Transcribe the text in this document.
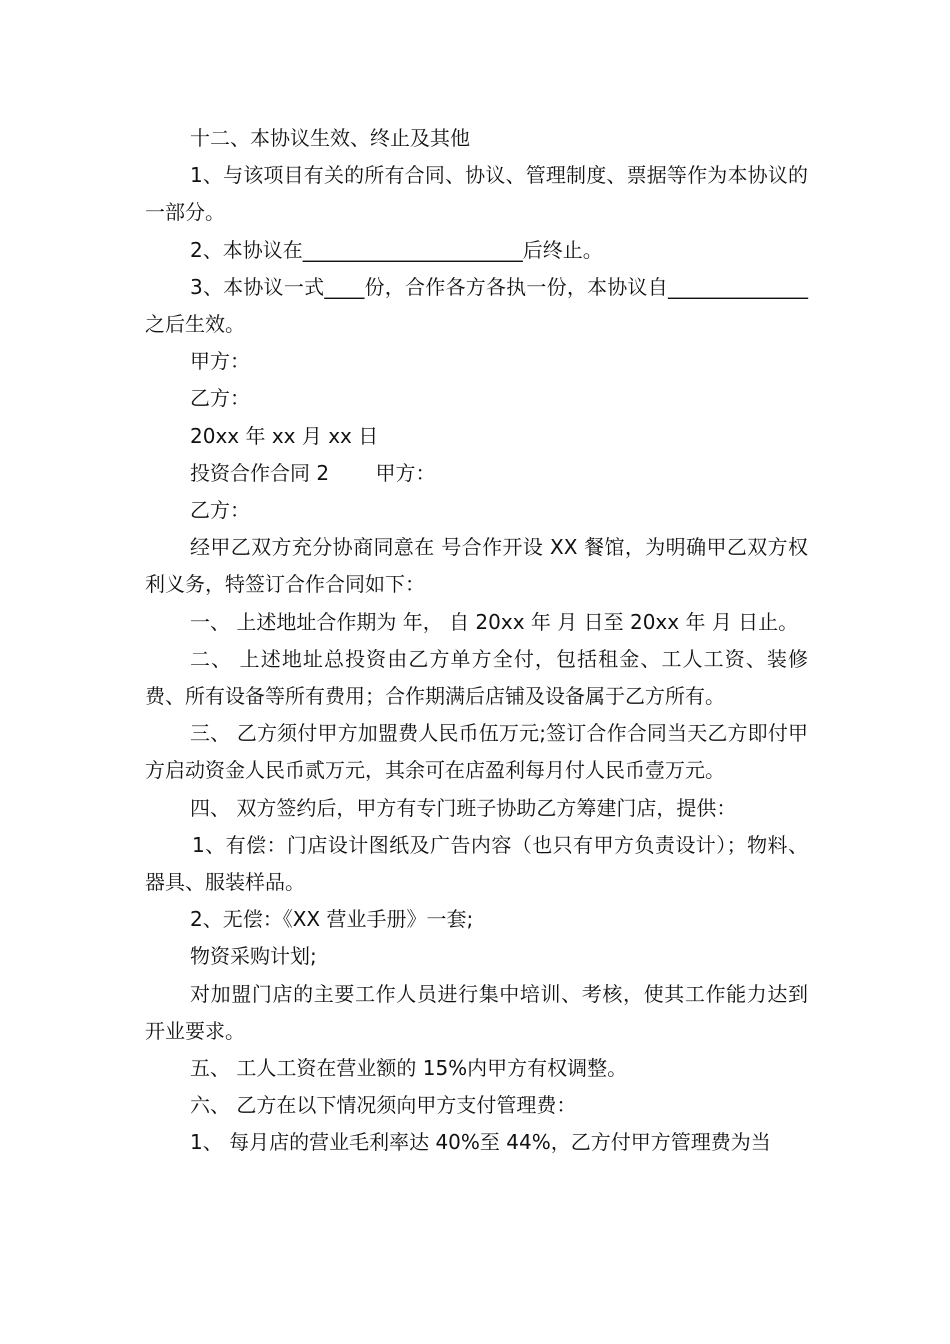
十二、本协议生效、终止及其他

1、与该项目有关的所有合同、协议、管理制度、票据等作为本协议的一部分。

2、本协议在______________________后终止。

3、本协议一式____份，合作各方各执一份，本协议自______________之后生效。

甲方：

乙方：

20xx 年 xx 月 xx 日

投资合作合同 2　　 甲方：

乙方：

经甲乙双方充分协商同意在 号合作开设 XX 餐馆，为明确甲乙双方权利义务，特签订合作合同如下：

一、 上述地址合作期为 年， 自 20xx 年 月 日至 20xx 年 月 日止。

二、 上述地址总投资由乙方单方全付，包括租金、工人工资、装修费、所有设备等所有费用；合作期满后店铺及设备属于乙方所有。

三、 乙方须付甲方加盟费人民币伍万元;签订合作合同当天乙方即付甲方启动资金人民币贰万元，其余可在店盈利每月付人民币壹万元。

四、 双方签约后，甲方有专门班子协助乙方筹建门店，提供：

1、有偿：门店设计图纸及广告内容（也只有甲方负责设计）；物料、器具、服装样品。

2、无偿：《XX 营业手册》一套;

物资采购计划;

对加盟门店的主要工作人员进行集中培训、考核，使其工作能力达到开业要求。

五、 工人工资在营业额的 15%内甲方有权调整。

六、 乙方在以下情况须向甲方支付管理费：

1、 每月店的营业毛利率达 40%至 44%，乙方付甲方管理费为当
